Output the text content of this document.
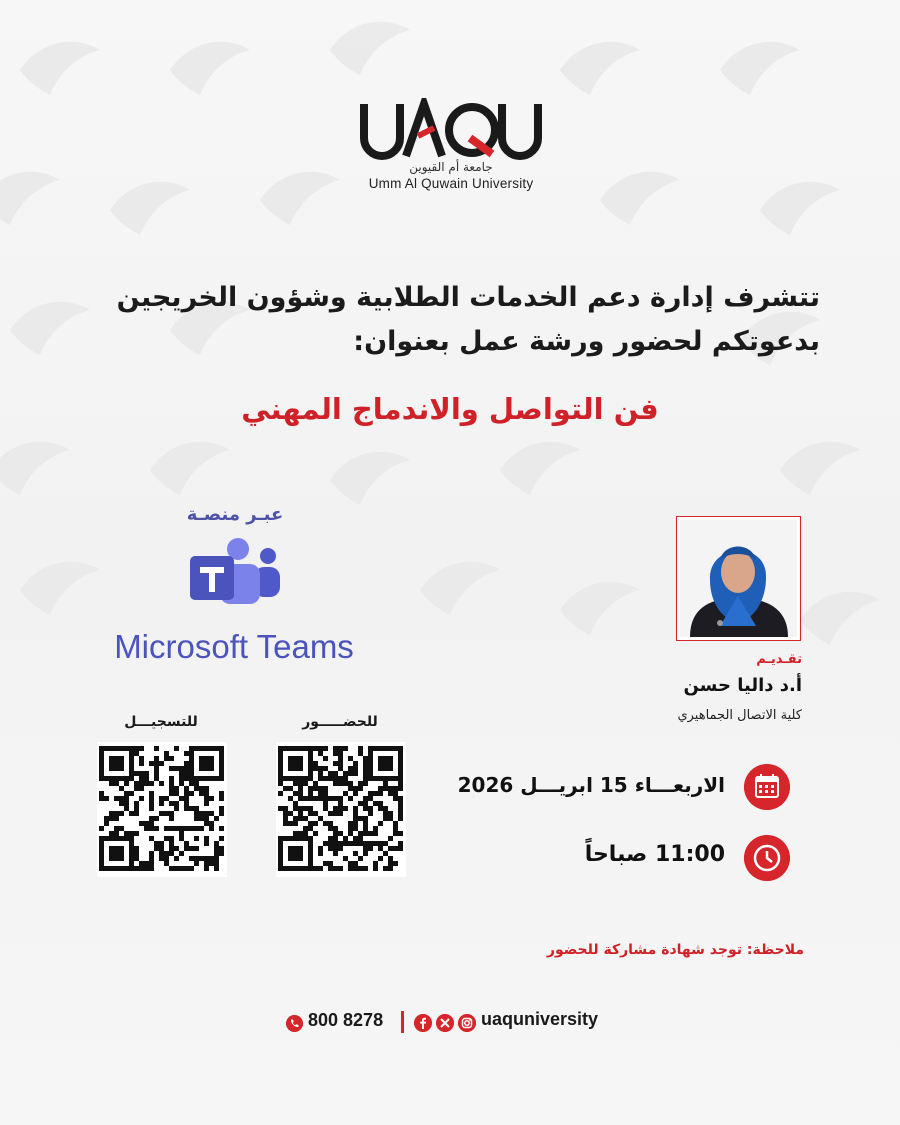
جامعة أم القيوين
Umm Al Quwain University
تتشرف إدارة دعم الخدمات الطلابية وشؤون الخريجين
بدعوتكم لحضور ورشة عمل بعنوان:
فن التواصل والاندماج المهني
عبـر منصـة
Microsoft Teams	تقـديـم
أ.د داليا حسن
كلية الاتصال الجماهيري
للتسجيـــل	للحضـــــور
الاربعـــاء 15 ابريـــل 2026
11:00 صباحاً
ملاحظة: توجد شهادة مشاركة للحضور
800 8278	uaquniversity
